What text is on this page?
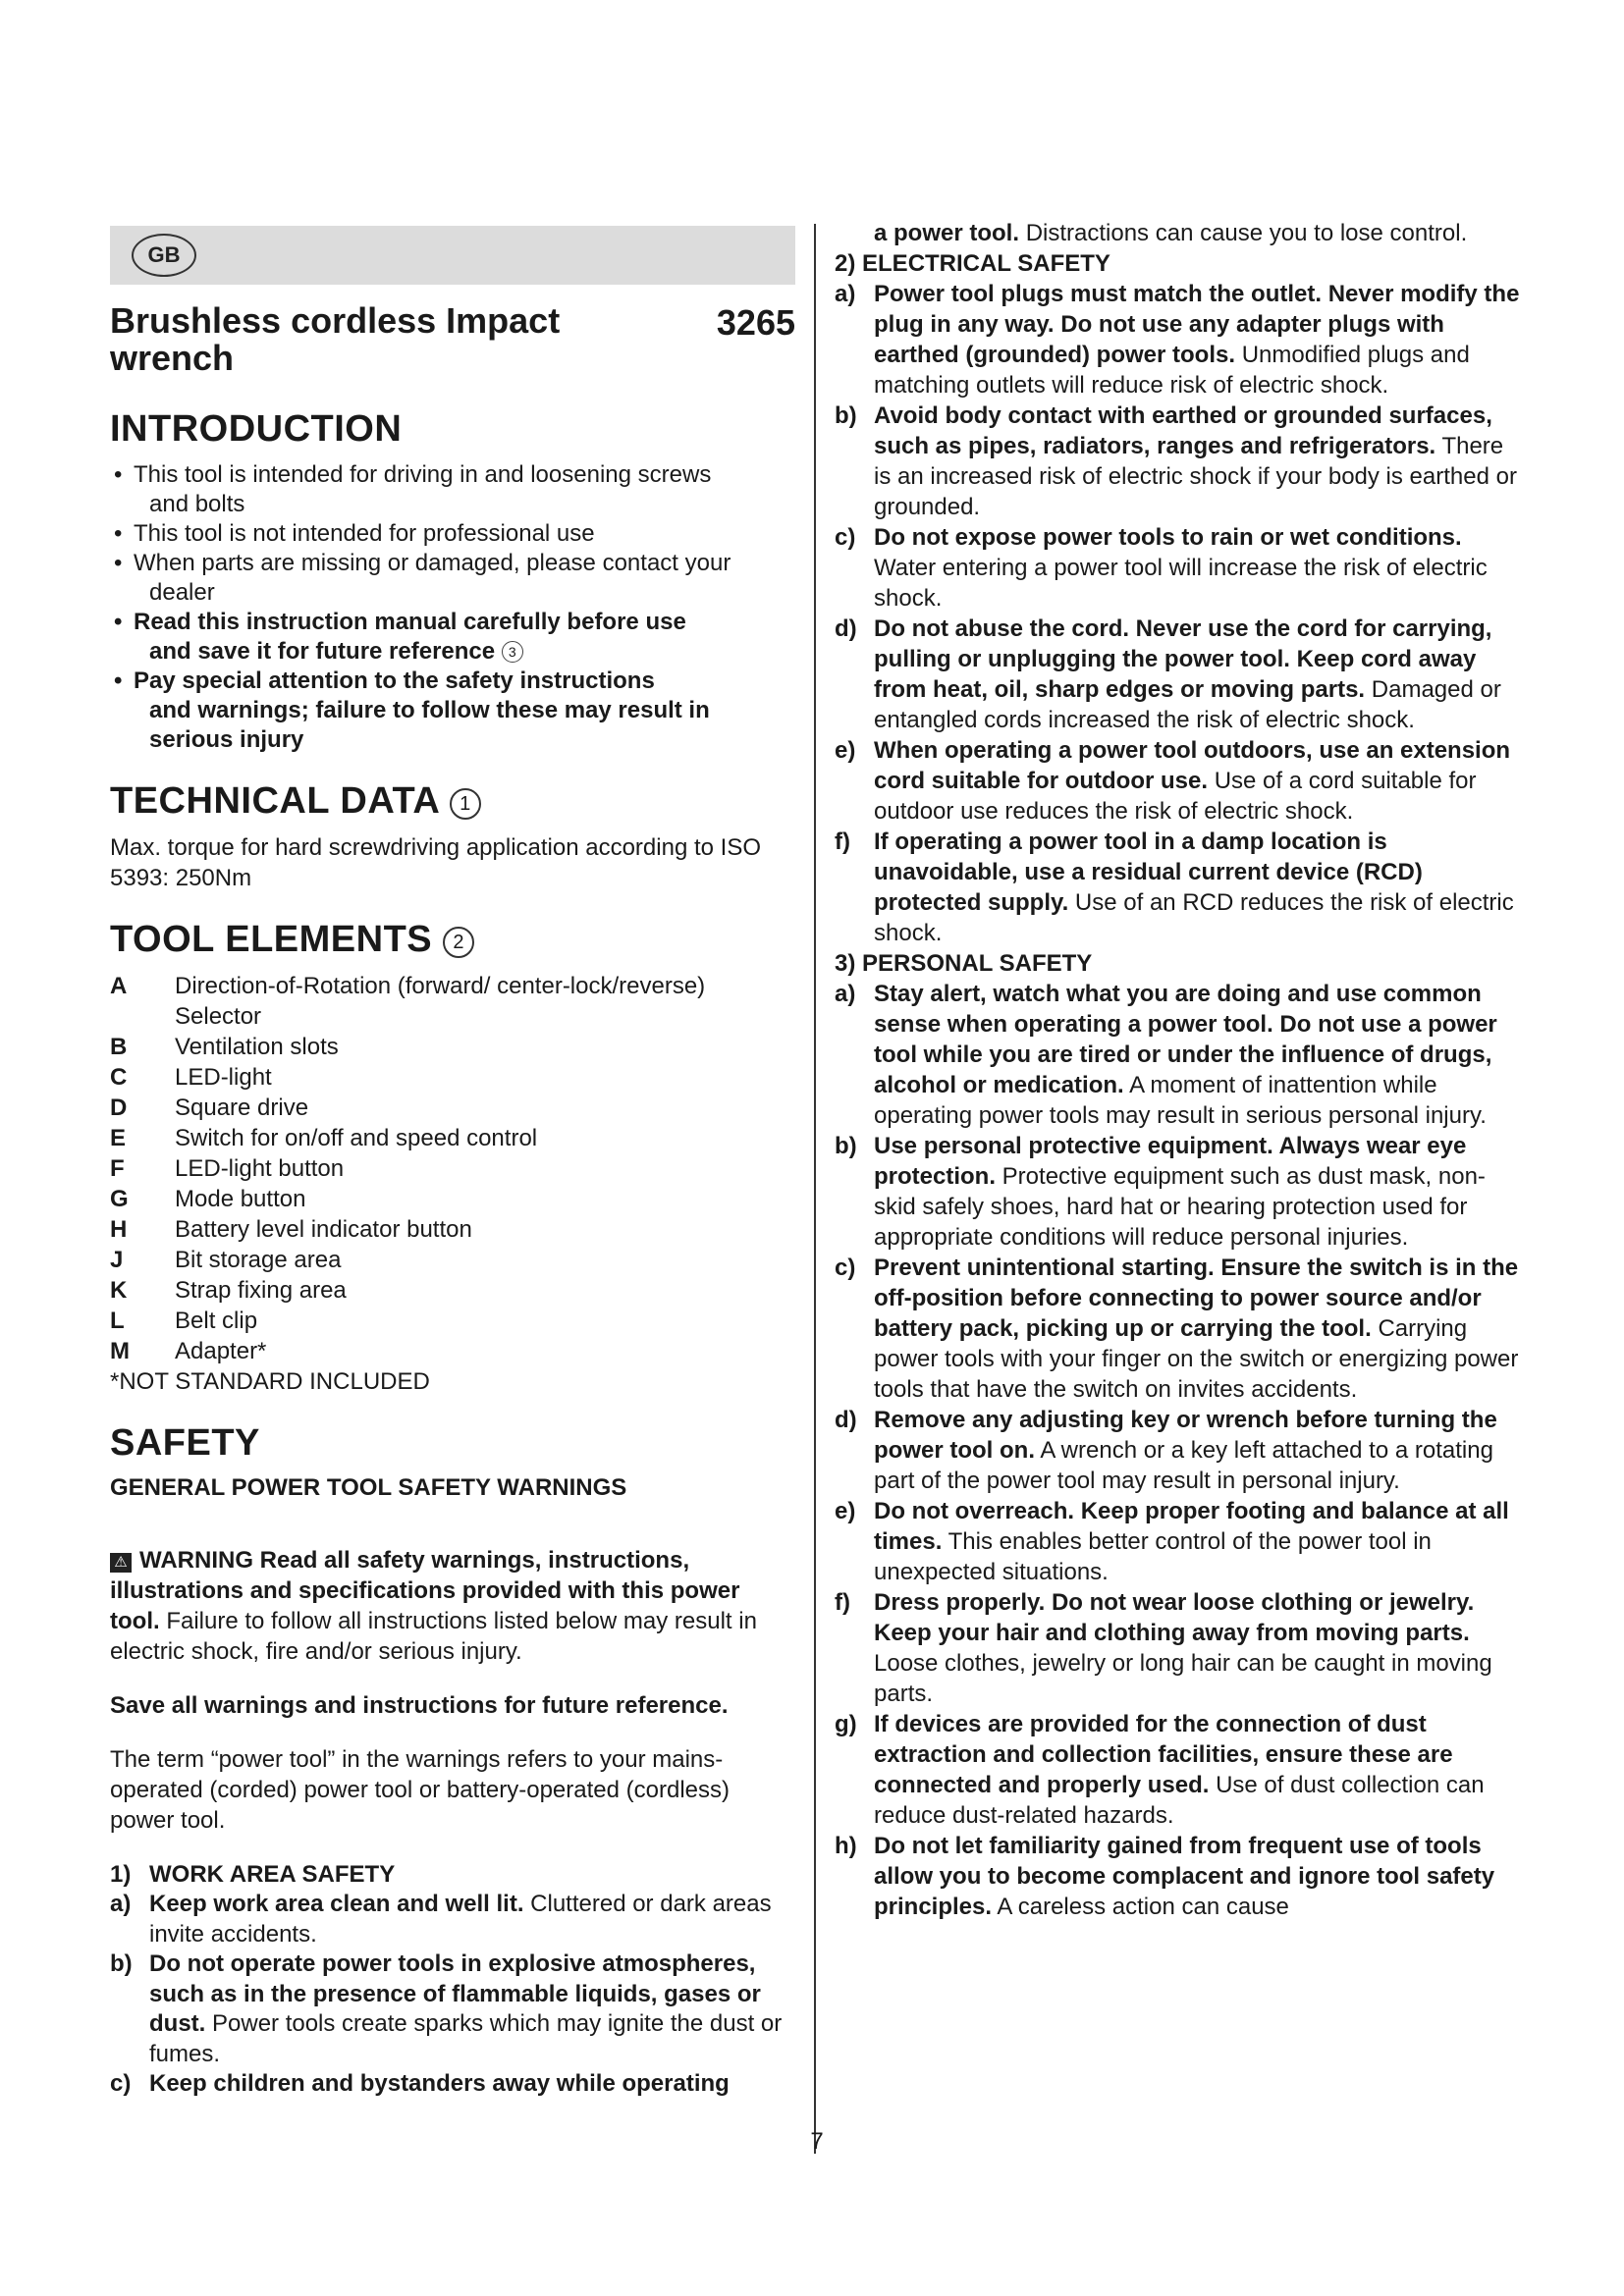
GB
Brushless cordless Impact wrench
3265
INTRODUCTION
• This tool is intended for driving in and loosening screws
and bolts
• This tool is not intended for professional use
• When parts are missing or damaged, please contact your
dealer
• Read this instruction manual carefully before use
and save it for future reference 3
• Pay special attention to the safety instructions
and warnings; failure to follow these may result in serious injury
TECHNICAL DATA 1

Max. torque for hard screwdriving application according to ISO 5393: 250Nm

TOOL ELEMENTS 2
A	Direction-of-Rotation (forward/ center-lock/reverse) Selector
B	Ventilation slots
C	LED-light
D	Square drive
E	Switch for on/off and speed control
F	LED-light button
G	Mode button
H	Battery level indicator button
J	Bit storage area
K	Strap fixing area
L	Belt clip
M	Adapter*

*NOT STANDARD INCLUDED

SAFETY
GENERAL POWER TOOL SAFETY WARNINGS

⚠ WARNING Read all safety warnings, instructions, illustrations and specifications provided with this power tool. Failure to follow all instructions listed below may result in electric shock, fire and/or serious injury.

Save all warnings and instructions for future reference.

The term “power tool” in the warnings refers to your mains-operated (corded) power tool or battery-operated (cordless) power tool.

1) WORK AREA SAFETY
a) Keep work area clean and well lit. Cluttered or dark areas invite accidents.
b) Do not operate power tools in explosive atmospheres, such as in the presence of flammable liquids, gases or dust. Power tools create sparks which may ignite the dust or fumes.
c) Keep children and bystanders away while operating
a power tool. Distractions can cause you to lose control.
2) ELECTRICAL SAFETY
a) Power tool plugs must match the outlet. Never modify the plug in any way. Do not use any adapter plugs with earthed (grounded) power tools. Unmodified plugs and matching outlets will reduce risk of electric shock.
b) Avoid body contact with earthed or grounded surfaces, such as pipes, radiators, ranges and refrigerators. There is an increased risk of electric shock if your body is earthed or grounded.
c) Do not expose power tools to rain or wet conditions. Water entering a power tool will increase the risk of electric shock.
d) Do not abuse the cord. Never use the cord for carrying, pulling or unplugging the power tool. Keep cord away from heat, oil, sharp edges or moving parts. Damaged or entangled cords increased the risk of electric shock.
e) When operating a power tool outdoors, use an extension cord suitable for outdoor use. Use of a cord suitable for outdoor use reduces the risk of electric shock.
f) If operating a power tool in a damp location is unavoidable, use a residual current device (RCD) protected supply. Use of an RCD reduces the risk of electric shock.
3) PERSONAL SAFETY
a) Stay alert, watch what you are doing and use common sense when operating a power tool. Do not use a power tool while you are tired or under the influence of drugs, alcohol or medication. A moment of inattention while operating power tools may result in serious personal injury.
b) Use personal protective equipment. Always wear eye protection. Protective equipment such as dust mask, non-skid safely shoes, hard hat or hearing protection used for appropriate conditions will reduce personal injuries.
c) Prevent unintentional starting. Ensure the switch is in the off-position before connecting to power source and/or battery pack, picking up or carrying the tool. Carrying power tools with your finger on the switch or energizing power tools that have the switch on invites accidents.
d) Remove any adjusting key or wrench before turning the power tool on. A wrench or a key left attached to a rotating part of the power tool may result in personal injury.
e) Do not overreach. Keep proper footing and balance at all times. This enables better control of the power tool in unexpected situations.
f) Dress properly. Do not wear loose clothing or jewelry. Keep your hair and clothing away from moving parts. Loose clothes, jewelry or long hair can be caught in moving parts.
g) If devices are provided for the connection of dust extraction and collection facilities, ensure these are connected and properly used. Use of dust collection can reduce dust-related hazards.
h) Do not let familiarity gained from frequent use of tools allow you to become complacent and ignore tool safety principles. A careless action can cause
7
